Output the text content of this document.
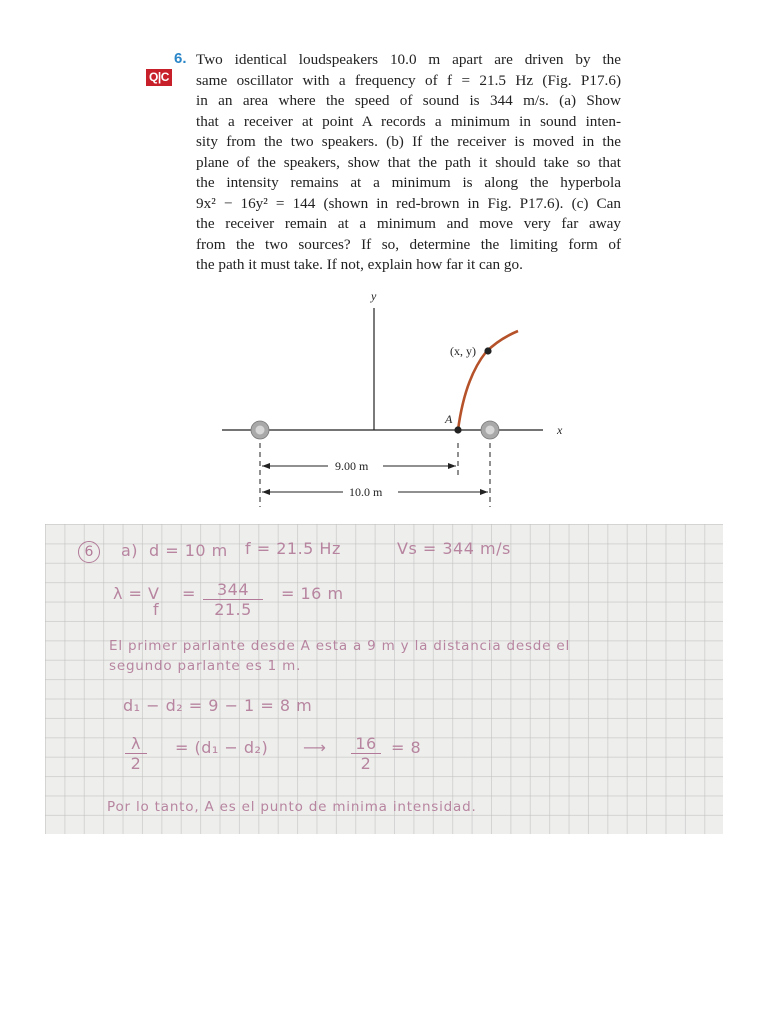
6.
Q|C

Two identical loudspeakers 10.0 m apart are driven by the
same oscillator with a frequency of f = 21.5 Hz (Fig. P17.6)
in an area where the speed of sound is 344 m/s. (a) Show
that a receiver at point A records a minimum in sound inten-
sity from the two speakers. (b) If the receiver is moved in the
plane of the speakers, show that the path it should take so that
the intensity remains at a minimum is along the hyperbola
9x² − 16y² = 144 (shown in red-brown in Fig. P17.6). (c) Can
the receiver remain at a minimum and move very far away
from the two sources? If so, determine the limiting form of
the path it must take. If not, explain how far it can go.

y
x
(x, y)
A
9.00 m
10.0 m
6	a) d = 10 m f = 21.5 Hz	Vs = 344 m/s
λ = V
f
=	344
21.5
= 16 m
El primer parlante desde A esta a 9 m y la distancia desde el
segundo parlante es 1 m.
d₁ − d₂ = 9 − 1 = 8 m
λ
2
= (d₁ − d₂) ⟶ 16
2
= 8
Por lo tanto, A es el punto de minima intensidad.
